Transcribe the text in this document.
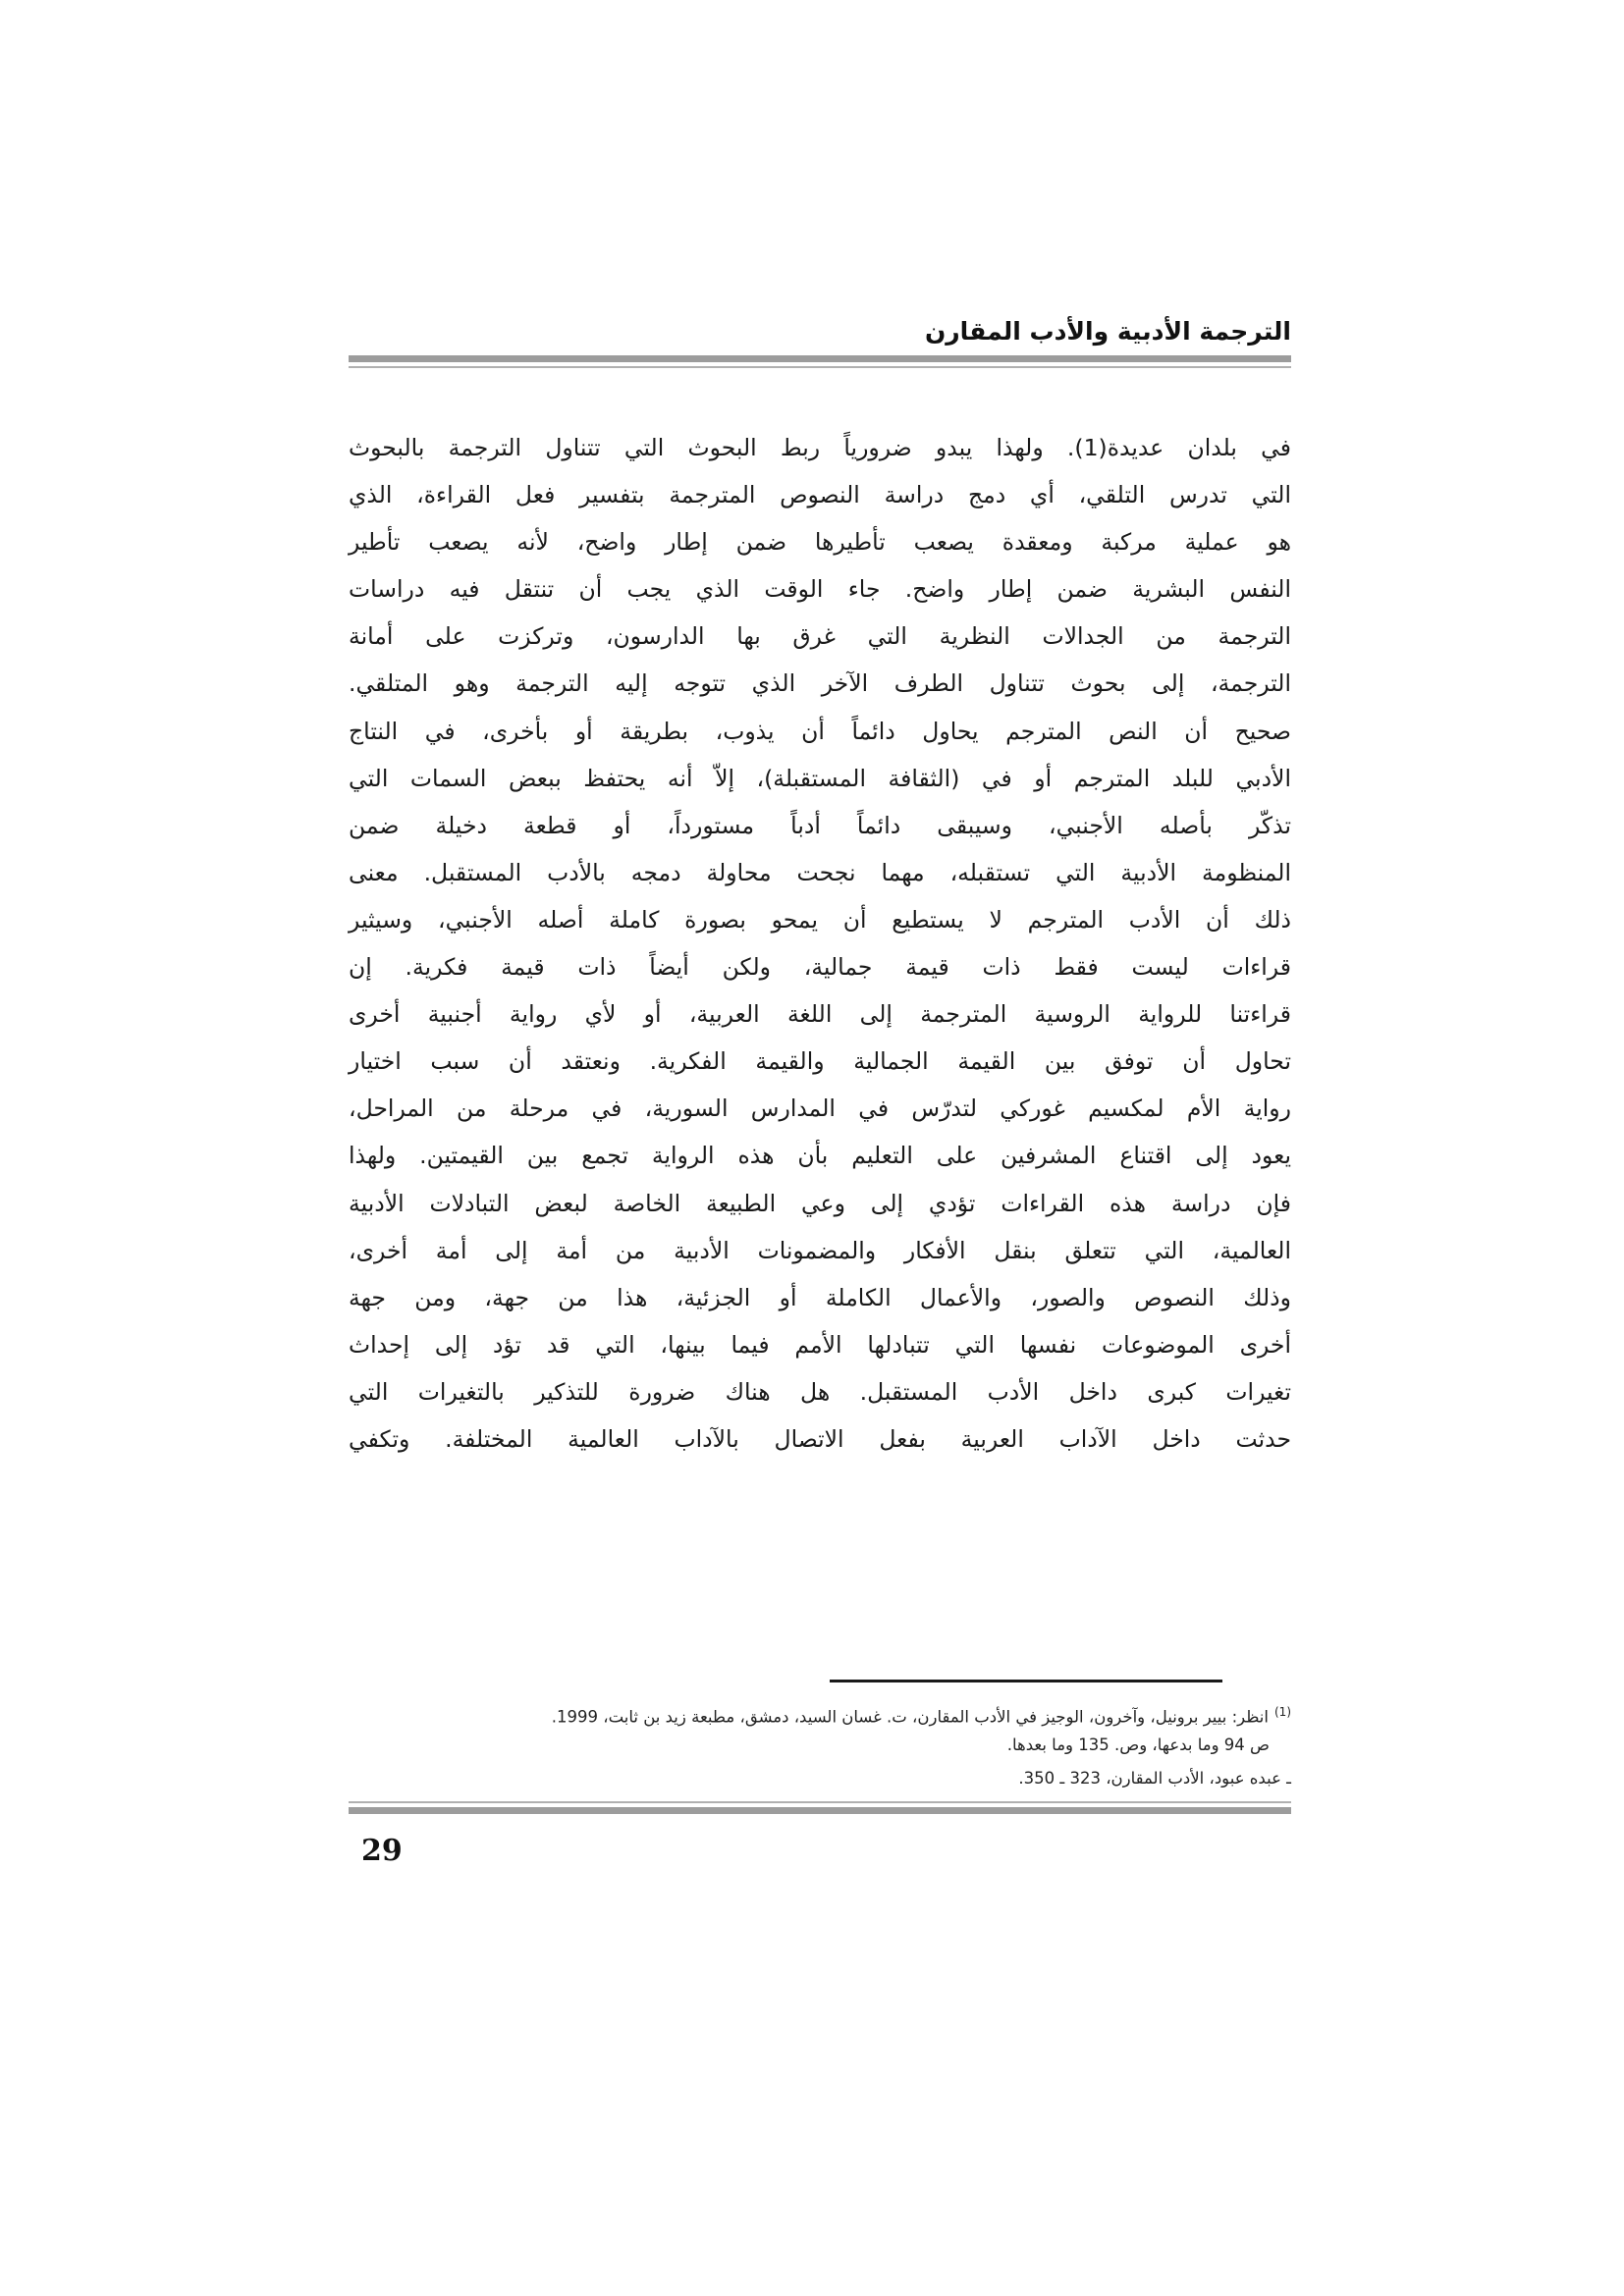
الترجمة الأدبية والأدب المقارن
في بلدان عديدة(1). ولهذا يبدو ضرورياً ربط البحوث التي تتناول الترجمة بالبحوث
التي تدرس التلقي، أي دمج دراسة النصوص المترجمة بتفسير فعل القراءة، الذي
هو عملية مركبة ومعقدة يصعب تأطيرها ضمن إطار واضح، لأنه يصعب تأطير
النفس البشرية ضمن إطار واضح. جاء الوقت الذي يجب أن تنتقل فيه دراسات
الترجمة من الجدالات النظرية التي غرق بها الدارسون، وتركزت على أمانة
الترجمة، إلى بحوث تتناول الطرف الآخر الذي تتوجه إليه الترجمة وهو المتلقي.
صحيح أن النص المترجم يحاول دائماً أن يذوب، بطريقة أو بأخرى، في النتاج
الأدبي للبلد المترجم أو في (الثقافة المستقبلة)، إلاّ أنه يحتفظ ببعض السمات التي
تذكّر بأصله الأجنبي، وسيبقى دائماً أدباً مستورداً، أو قطعة دخيلة ضمن
المنظومة الأدبية التي تستقبله، مهما نجحت محاولة دمجه بالأدب المستقبل. معنى
ذلك أن الأدب المترجم لا يستطيع أن يمحو بصورة كاملة أصله الأجنبي، وسيثير
قراءات ليست فقط ذات قيمة جمالية، ولكن أيضاً ذات قيمة فكرية. إن
قراءتنا للرواية الروسية المترجمة إلى اللغة العربية، أو لأي رواية أجنبية أخرى
تحاول أن توفق بين القيمة الجمالية والقيمة الفكرية. ونعتقد أن سبب اختيار
رواية الأم لمكسيم غوركي لتدرّس في المدارس السورية، في مرحلة من المراحل،
يعود إلى اقتناع المشرفين على التعليم بأن هذه الرواية تجمع بين القيمتين. ولهذا
فإن دراسة هذه القراءات تؤدي إلى وعي الطبيعة الخاصة لبعض التبادلات الأدبية
العالمية، التي تتعلق بنقل الأفكار والمضمونات الأدبية من أمة إلى أمة أخرى،
وذلك النصوص والصور، والأعمال الكاملة أو الجزئية، هذا من جهة، ومن جهة
أخرى الموضوعات نفسها التي تتبادلها الأمم فيما بينها، التي قد تؤد إلى إحداث
تغيرات كبرى داخل الأدب المستقبل. هل هناك ضرورة للتذكير بالتغيرات التي
حدثت داخل الآداب العربية بفعل الاتصال بالآداب العالمية المختلفة. وتكفي
$^{(1)}$انظر: بيير برونيل، وآخرون، الوجيز في الأدب المقارن، ت. غسان السيد، دمشق، مطبعة زيد بن ثابت، 1999.
ص 94 وما بدعها، وص. 135 وما بعدها.
ـ عبده عبود، الأدب المقارن، 323 ـ 350.
29
